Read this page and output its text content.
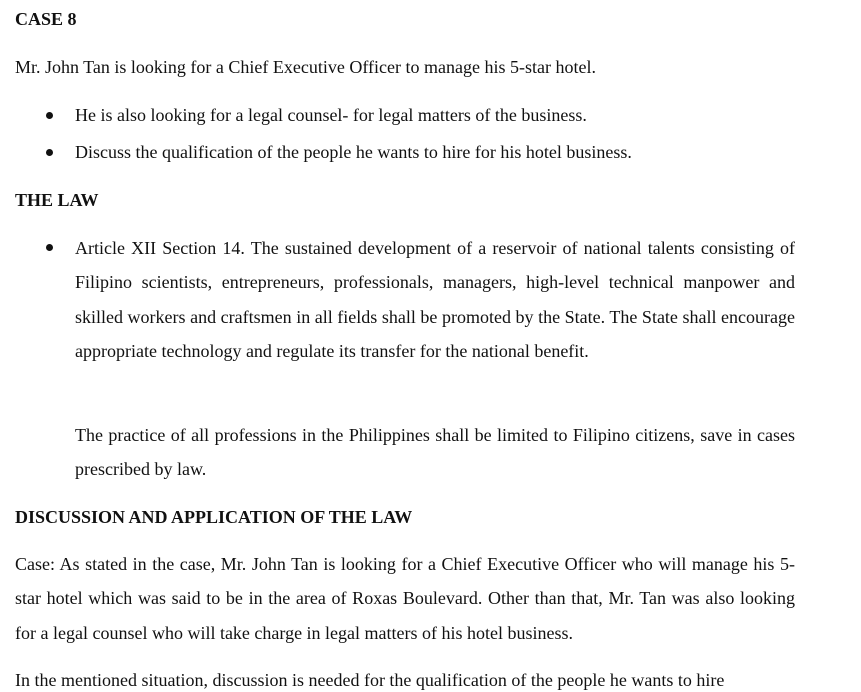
CASE 8
Mr. John Tan is looking for a Chief Executive Officer to manage his 5-star hotel.
He is also looking for a legal counsel- for legal matters of the business.
Discuss the qualification of the people he wants to hire for his hotel business.
THE LAW

Article XII Section 14. The sustained development of a reservoir of national talents consisting of Filipino scientists, entrepreneurs, professionals, managers, high-level technical manpower and skilled workers and craftsmen in all fields shall be promoted by the State. The State shall encourage appropriate technology and regulate its transfer for the national benefit.

The practice of all professions in the Philippines shall be limited to Filipino citizens, save in cases prescribed by law.

DISCUSSION AND APPLICATION OF THE LAW

Case: As stated in the case, Mr. John Tan is looking for a Chief Executive Officer who will manage his 5-star hotel which was said to be in the area of Roxas Boulevard. Other than that, Mr. Tan was also looking for a legal counsel who will take charge in legal matters of his hotel business.

In the mentioned situation, discussion is needed for the qualification of the people he wants to hire
